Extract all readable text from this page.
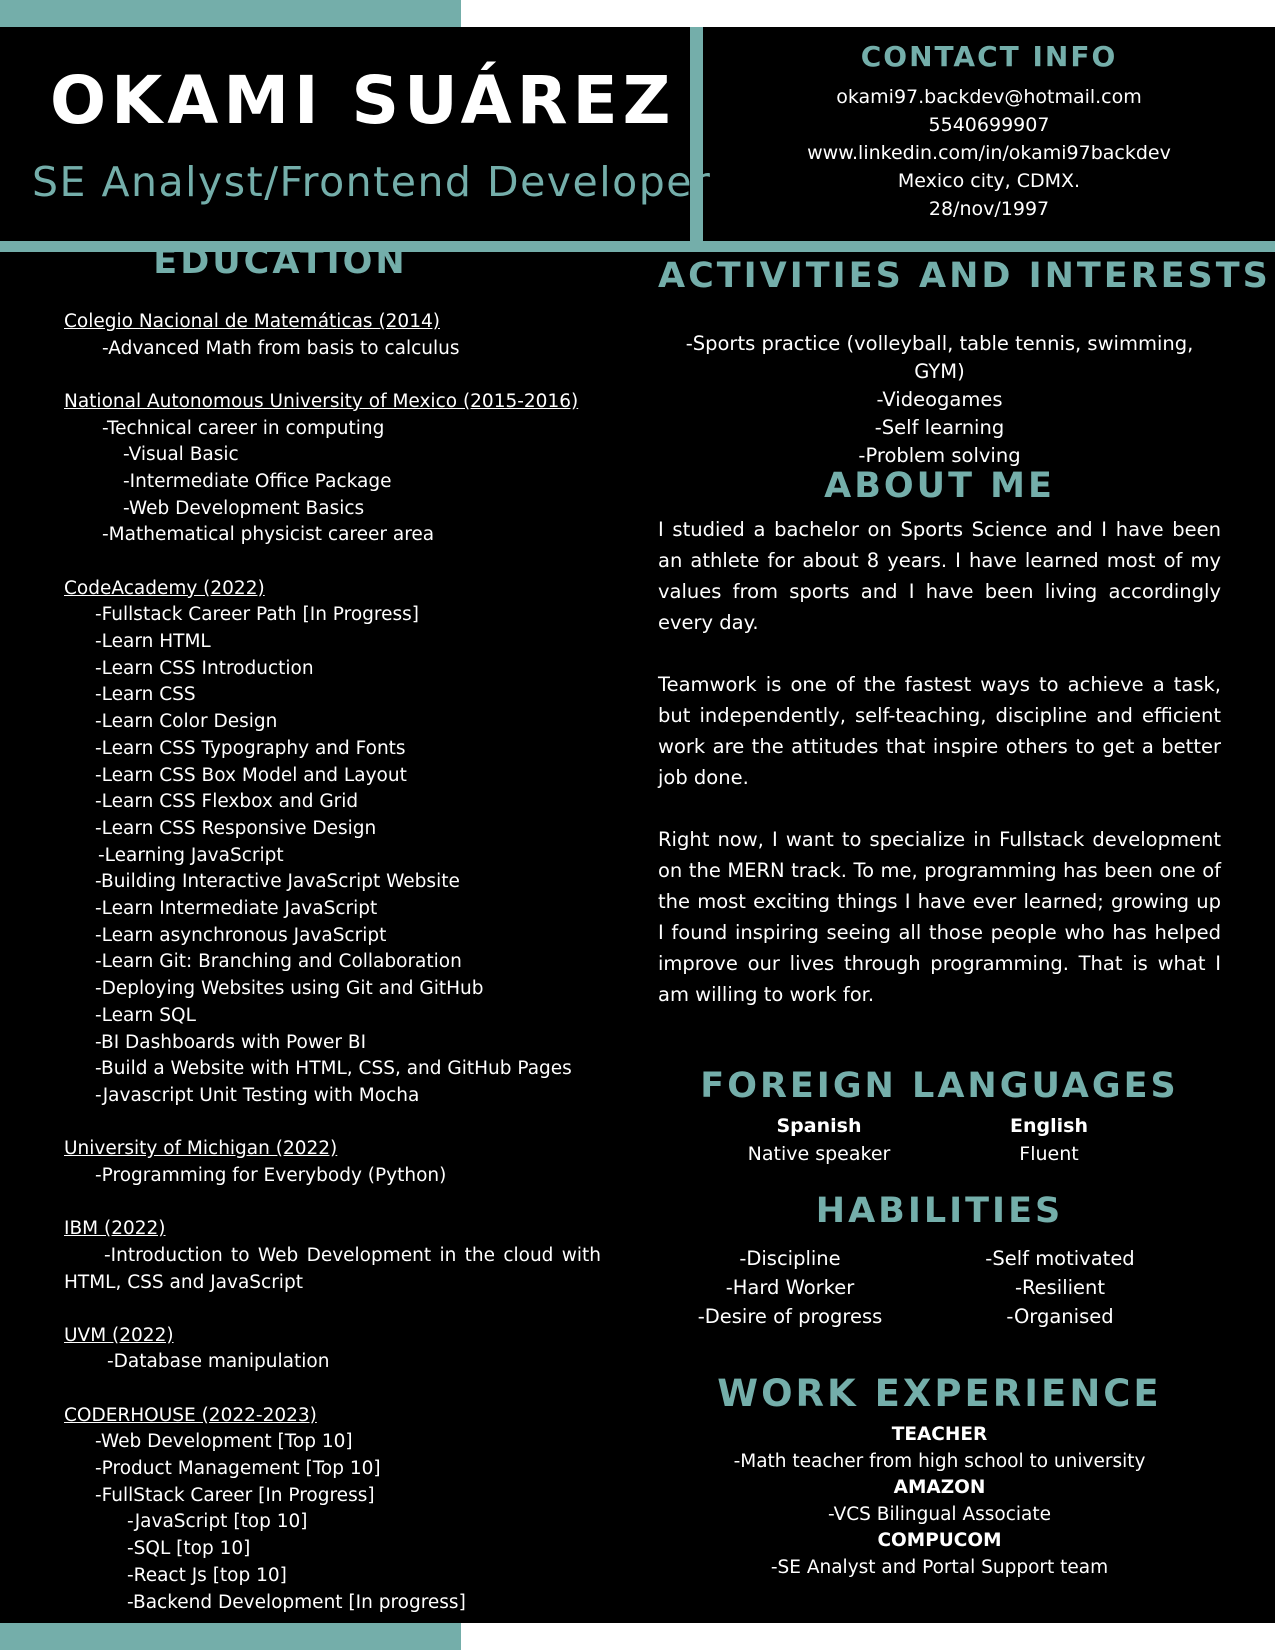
OKAMI SUÁREZ
SE Analyst/Frontend Developer
CONTACT INFO
okami97.backdev@hotmail.com
5540699907
www.linkedin.com/in/okami97backdev
Mexico city, CDMX.
28/nov/1997
EDUCATION
Colegio Nacional de Matemáticas (2014)
-Advanced Math from basis to calculus
National Autonomous University of Mexico (2015-2016)
-Technical career in computing
-Visual Basic
-Intermediate Office Package
-Web Development Basics
-Mathematical physicist career area
CodeAcademy (2022)
-Fullstack Career Path [In Progress]
-Learn HTML
-Learn CSS Introduction
-Learn CSS
-Learn Color Design
-Learn CSS Typography and Fonts
-Learn CSS Box Model and Layout
-Learn CSS Flexbox and Grid
-Learn CSS Responsive Design
-Learning JavaScript
-Building Interactive JavaScript Website
-Learn Intermediate JavaScript
-Learn asynchronous JavaScript
-Learn Git: Branching and Collaboration
-Deploying Websites using Git and GitHub
-Learn SQL
-BI Dashboards with Power BI
-Build a Website with HTML, CSS, and GitHub Pages
-Javascript Unit Testing with Mocha
University of Michigan (2022)
-Programming for Everybody (Python)
IBM (2022)
-Introduction to Web Development in the cloud with HTML, CSS and JavaScript
UVM (2022)
-Database manipulation
CODERHOUSE (2022-2023)
-Web Development [Top 10]
-Product Management [Top 10]
-FullStack Career [In Progress]
-JavaScript [top 10]
-SQL [top 10]
-React Js [top 10]
-Backend Development [In progress]
ACTIVITIES AND INTERESTS
-Sports practice (volleyball, table tennis, swimming, GYM)
-Videogames
-Self learning
-Problem solving
ABOUT ME

I studied a bachelor on Sports Science and I have been an athlete for about 8 years. I have learned most of my values from sports and I have been living accordingly every day.

Teamwork is one of the fastest ways to achieve a task, but independently, self-teaching, discipline and efficient work are the attitudes that inspire others to get a better job done.

Right now, I want to specialize in Fullstack development on the MERN track. To me, programming has been one of the most exciting things I have ever learned; growing up I found inspiring seeing all those people who has helped improve our lives through programming. That is what I am willing to work for.

FOREIGN LANGUAGES
Spanish
Native speaker
English
Fluent
HABILITIES
-Discipline
-Hard Worker
-Desire of progress
-Self motivated
-Resilient
-Organised
WORK EXPERIENCE
TEACHER
-Math teacher from high school to university
AMAZON
-VCS Bilingual Associate
COMPUCOM
-SE Analyst and Portal Support team
